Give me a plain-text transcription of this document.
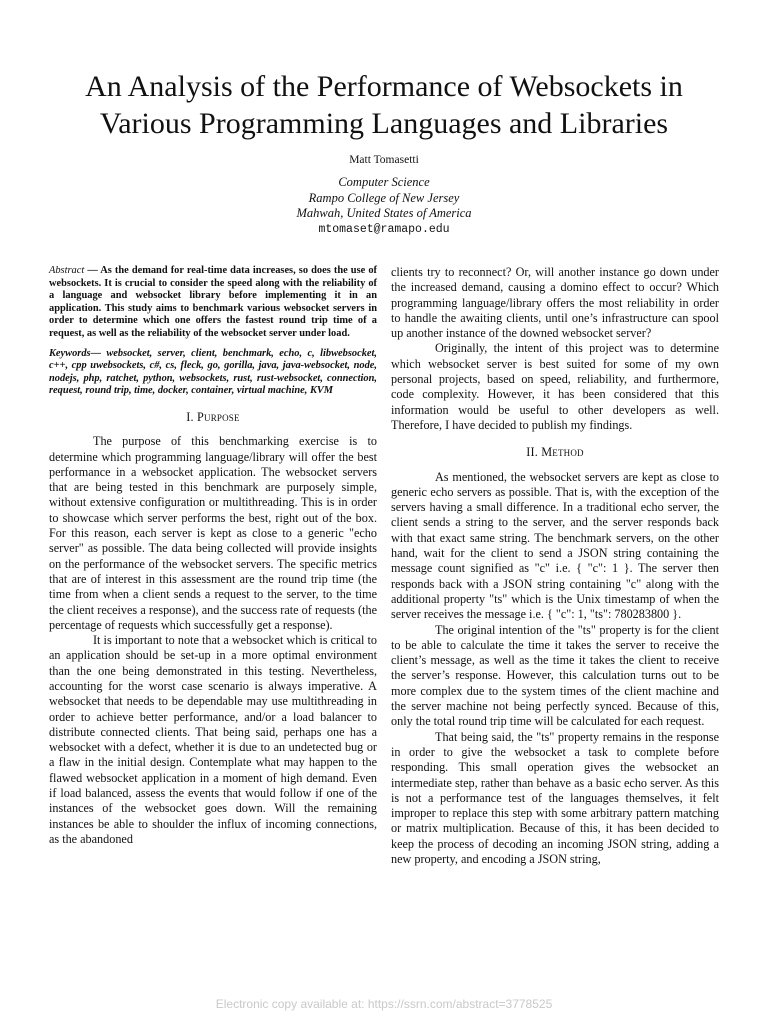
An Analysis of the Performance of Websockets in Various Programming Languages and Libraries
Matt Tomasetti
Computer Science
Rampo College of New Jersey
Mahwah, United States of America
mtomaset@ramapo.edu

Abstract — As the demand for real-time data increases, so does the use of websockets. It is crucial to consider the speed along with the reliability of a language and websocket library before implementing it in an application. This study aims to benchmark various websocket servers in order to determine which one offers the fastest round trip time of a request, as well as the reliability of the websocket server under load.

Keywords— websocket, server, client, benchmark, echo, c, libwebsocket, c++, cpp uwebsockets, c#, cs, fleck, go, gorilla, java, java-websocket, node, nodejs, php, ratchet, python, websockets, rust, rust-websocket, connection, request, round trip, time, docker, container, virtual machine, KVM

I. Purpose

The purpose of this benchmarking exercise is to determine which programming language/library will offer the best performance in a websocket application. The websocket servers that are being tested in this benchmark are purposely simple, without extensive configuration or multithreading. This is in order to showcase which server performs the best, right out of the box. For this reason, each server is kept as close to a generic "echo server" as possible. The data being collected will provide insights on the performance of the websocket servers. The specific metrics that are of interest in this assessment are the round trip time (the time from when a client sends a request to the server, to the time the client receives a response), and the success rate of requests (the percentage of requests which successfully get a response).

It is important to note that a websocket which is critical to an application should be set-up in a more optimal environment than the one being demonstrated in this testing. Nevertheless, accounting for the worst case scenario is always imperative. A websocket that needs to be dependable may use multithreading in order to achieve better performance, and/or a load balancer to distribute connected clients. That being said, perhaps one has a websocket with a defect, whether it is due to an undetected bug or a flaw in the initial design. Contemplate what may happen to the flawed websocket application in a moment of high demand. Even if load balanced, assess the events that would follow if one of the instances of the websocket goes down. Will the remaining instances be able to shoulder the influx of incoming connections, as the abandoned

clients try to reconnect? Or, will another instance go down under the increased demand, causing a domino effect to occur? Which programming language/library offers the most reliability in order to handle the awaiting clients, until one’s infrastructure can spool up another instance of the downed websocket server?

Originally, the intent of this project was to determine which websocket server is best suited for some of my own personal projects, based on speed, reliability, and furthermore, code complexity. However, it has been considered that this information would be useful to other developers as well. Therefore, I have decided to publish my findings.

II. Method

As mentioned, the websocket servers are kept as close to generic echo servers as possible. That is, with the exception of the servers having a small difference. In a traditional echo server, the client sends a string to the server, and the server responds back with that exact same string. The benchmark servers, on the other hand, wait for the client to send a JSON string containing the message count signified as "c" i.e. { "c": 1 }. The server then responds back with a JSON string containing "c" along with the additional property "ts" which is the Unix timestamp of when the server receives the message i.e. { "c": 1, "ts": 780283800 }.

The original intention of the "ts" property is for the client to be able to calculate the time it takes the server to receive the client’s message, as well as the time it takes the client to receive the server’s response. However, this calculation turns out to be more complex due to the system times of the client machine and the server machine not being perfectly synced. Because of this, only the total round trip time will be calculated for each request.

That being said, the "ts" property remains in the response in order to give the websocket a task to complete before responding. This small operation gives the websocket an intermediate step, rather than behave as a basic echo server. As this is not a performance test of the languages themselves, it felt improper to replace this step with some arbitrary pattern matching or matrix multiplication. Because of this, it has been decided to keep the process of decoding an incoming JSON string, adding a new property, and encoding a JSON string,

Electronic copy available at: https://ssrn.com/abstract=3778525
